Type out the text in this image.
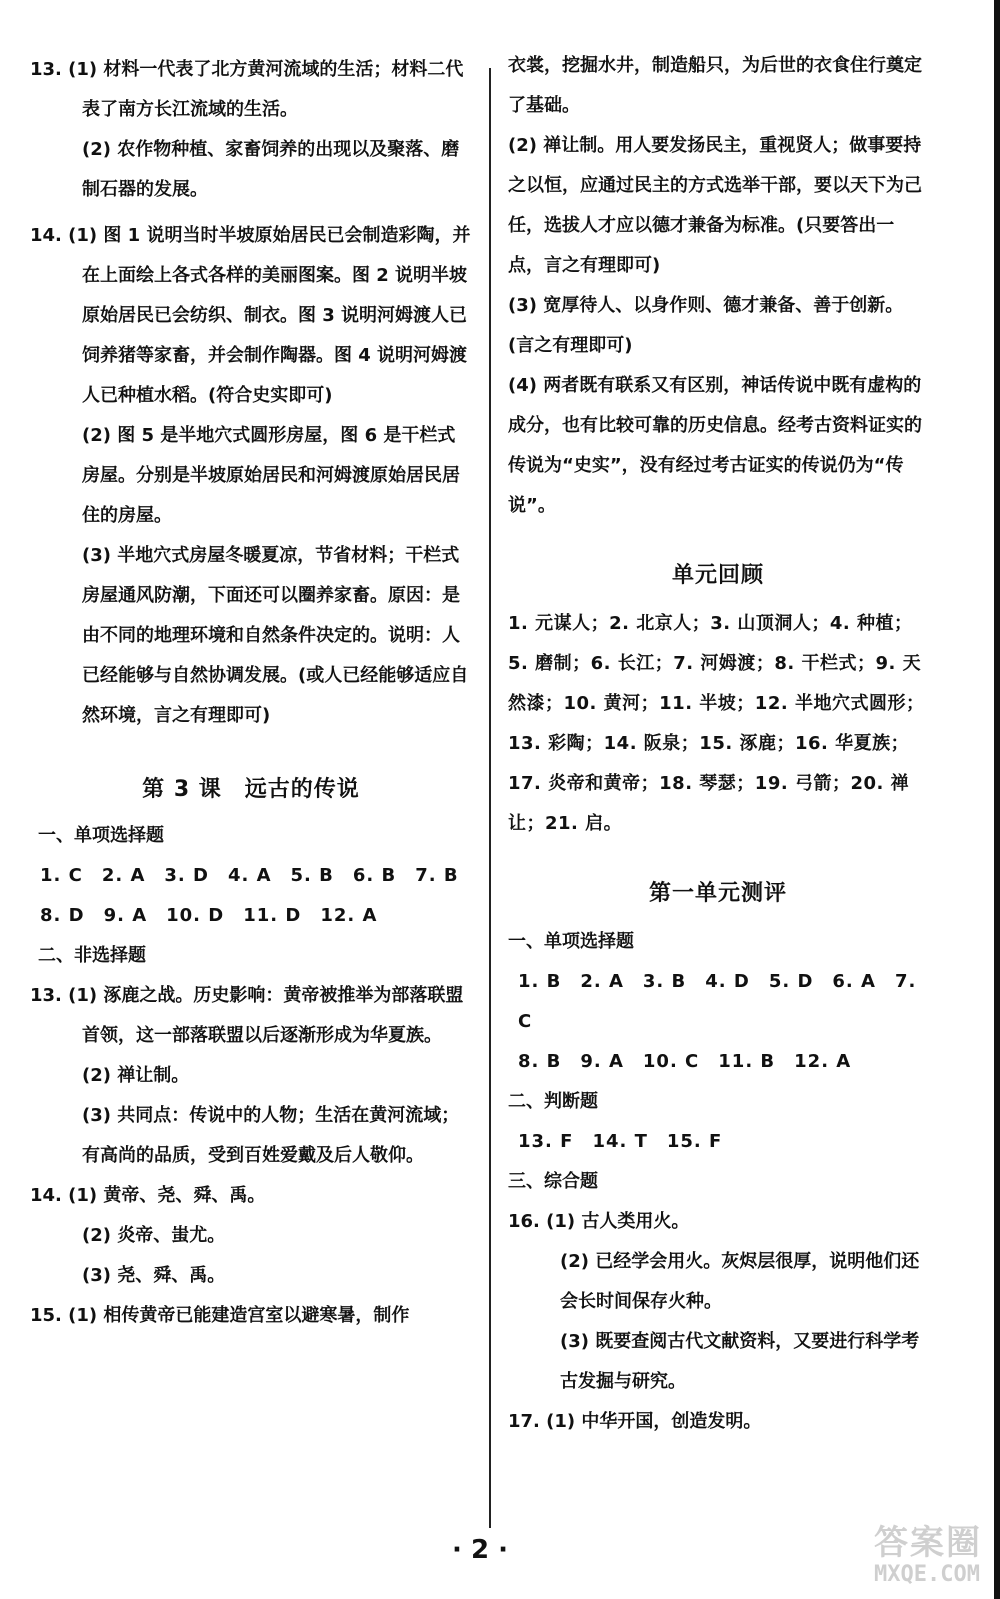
13. (1) 材料一代表了北方黄河流域的生活；材料二代表了南方长江流域的生活。

(2) 农作物种植、家畜饲养的出现以及聚落、磨制石器的发展。

14. (1) 图 1 说明当时半坡原始居民已会制造彩陶，并在上面绘上各式各样的美丽图案。图 2 说明半坡原始居民已会纺织、制衣。图 3 说明河姆渡人已饲养猪等家畜，并会制作陶器。图 4 说明河姆渡人已种植水稻。(符合史实即可)

(2) 图 5 是半地穴式圆形房屋，图 6 是干栏式房屋。分别是半坡原始居民和河姆渡原始居民居住的房屋。

(3) 半地穴式房屋冬暖夏凉，节省材料；干栏式房屋通风防潮，下面还可以圈养家畜。原因：是由不同的地理环境和自然条件决定的。说明：人已经能够与自然协调发展。(或人已经能够适应自然环境，言之有理即可)

第 3 课　远古的传说

一、单项选择题

1. C　2. A　3. D　4. A　5. B　6. B　7. B

8. D　9. A　10. D　11. D　12. A

二、非选择题

13. (1) 涿鹿之战。历史影响：黄帝被推举为部落联盟首领，这一部落联盟以后逐渐形成为华夏族。

(2) 禅让制。

(3) 共同点：传说中的人物；生活在黄河流域；有高尚的品质，受到百姓爱戴及后人敬仰。

14. (1) 黄帝、尧、舜、禹。

(2) 炎帝、蚩尤。

(3) 尧、舜、禹。

15. (1) 相传黄帝已能建造宫室以避寒暑，制作

衣裳，挖掘水井，制造船只，为后世的衣食住行奠定了基础。

(2) 禅让制。用人要发扬民主，重视贤人；做事要持之以恒，应通过民主的方式选举干部，要以天下为己任，选拔人才应以德才兼备为标准。(只要答出一点，言之有理即可)

(3) 宽厚待人、以身作则、德才兼备、善于创新。(言之有理即可)

(4) 两者既有联系又有区别，神话传说中既有虚构的成分，也有比较可靠的历史信息。经考古资料证实的传说为“史实”，没有经过考古证实的传说仍为“传说”。

单元回顾

1. 元谋人；2. 北京人；3. 山顶洞人；4. 种植；5. 磨制；6. 长江；7. 河姆渡；8. 干栏式；9. 天然漆；10. 黄河；11. 半坡；12. 半地穴式圆形；13. 彩陶；14. 阪泉；15. 涿鹿；16. 华夏族；17. 炎帝和黄帝；18. 琴瑟；19. 弓箭；20. 禅让；21. 启。

第一单元测评

一、单项选择题

1. B　2. A　3. B　4. D　5. D　6. A　7. C

8. B　9. A　10. C　11. B　12. A

二、判断题

13. F　14. T　15. F

三、综合题

16. (1) 古人类用火。

(2) 已经学会用火。灰烬层很厚，说明他们还会长时间保存火种。

(3) 既要查阅古代文献资料，又要进行科学考古发掘与研究。

17. (1) 中华开国，创造发明。

· 2 ·	答案圈
MXQE.COM
